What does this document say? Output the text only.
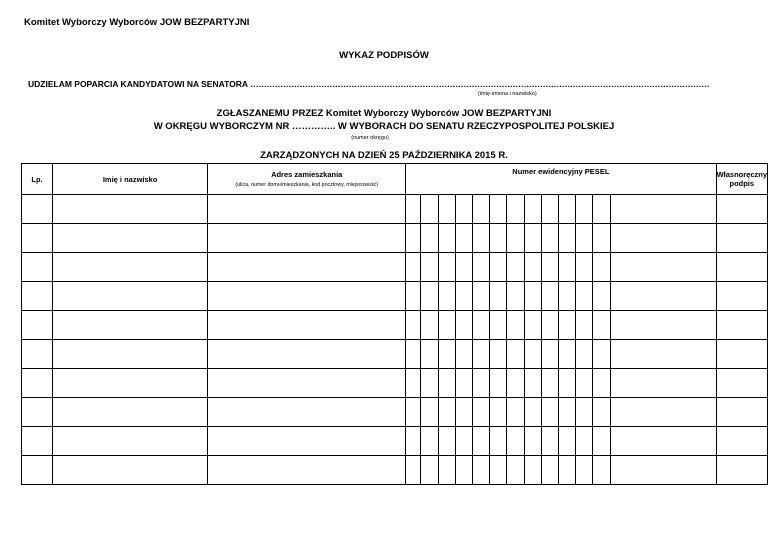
Komitet Wyborczy Wyborców JOW BEZPARTYJNI
WYKAZ PODPISÓW
UDZIELAM POPARCIA KANDYDATOWI NA SENATORA ……………………………………………………………………………………………………………………………………………………
(imię-imiona i nazwisko)
ZGŁASZANEMU PRZEZ Komitet Wyborczy Wyborców JOW BEZPARTYJNI
W OKRĘGU WYBORCZYM NR ………….. W WYBORACH DO SENATU RZECZYPOSPOLITEJ POLSKIEJ
(numer okręgu)
ZARZĄDZONYCH NA DZIEŃ 25 PAŹDZIERNIKA 2015 R.
Lp.	Imię i nazwisko	Adres zamieszkania
(ulica, numer domu/mieszkania, kod pocztowy, miejscowość)	Numer ewidencyjny PESEL													Własnoręczny podpis
